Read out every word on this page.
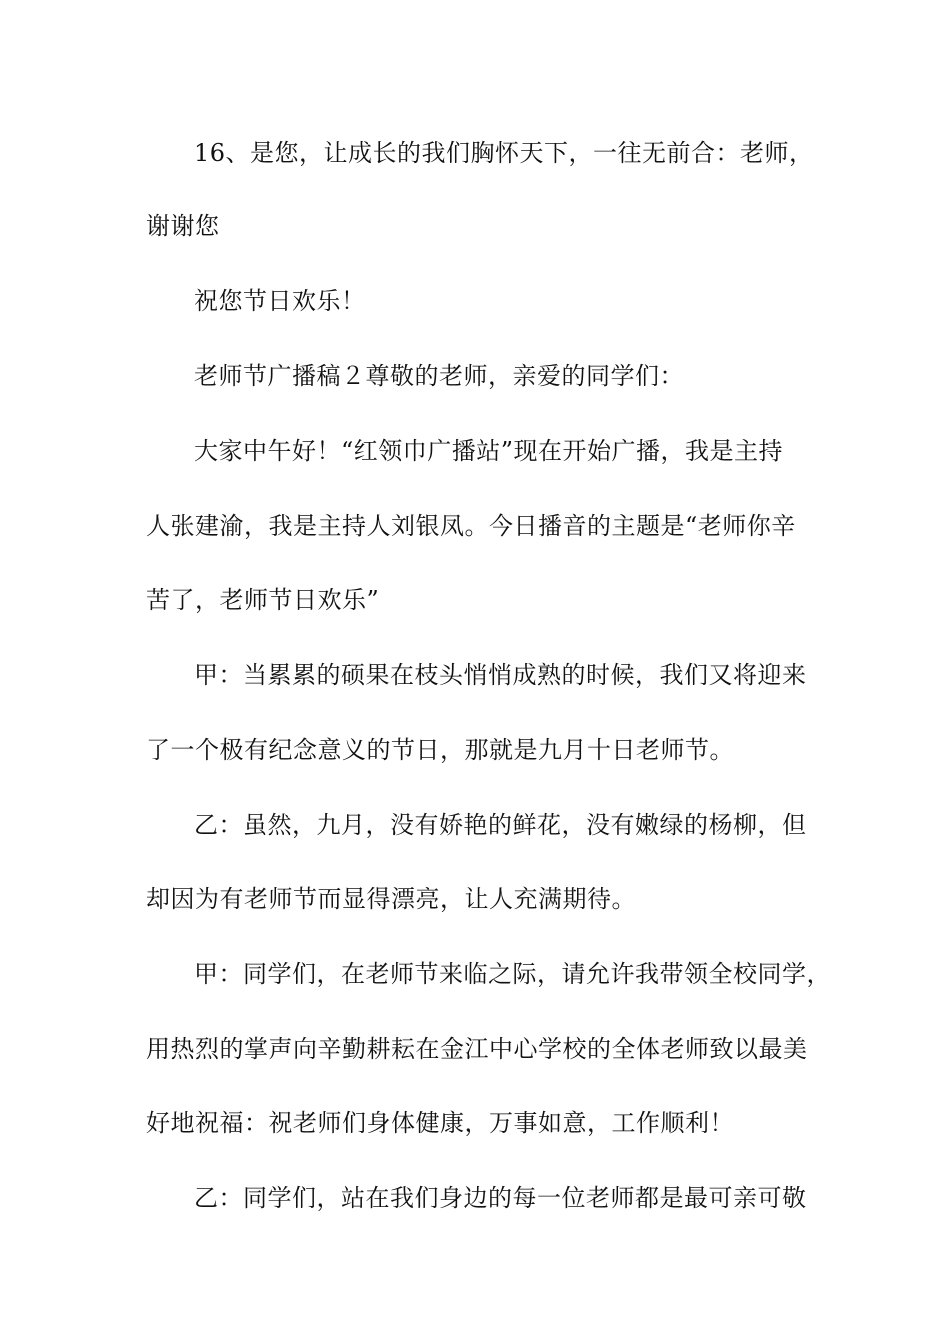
16、是您，让成长的我们胸怀天下，一往无前合：老师，
谢谢您
祝您节日欢乐！
老师节广播稿２尊敬的老师，亲爱的同学们：
大家中午好！“红领巾广播站”现在开始广播，我是主持
人张建渝，我是主持人刘银凤。今日播音的主题是“老师你辛
苦了，老师节日欢乐”
甲：当累累的硕果在枝头悄悄成熟的时候，我们又将迎来
了一个极有纪念意义的节日，那就是九月十日老师节。
乙：虽然，九月，没有娇艳的鲜花，没有嫩绿的杨柳，但
却因为有老师节而显得漂亮，让人充满期待。
甲：同学们，在老师节来临之际，请允许我带领全校同学，
用热烈的掌声向辛勤耕耘在金江中心学校的全体老师致以最美
好地祝福：祝老师们身体健康，万事如意，工作顺利！
乙：同学们，站在我们身边的每一位老师都是最可亲可敬
